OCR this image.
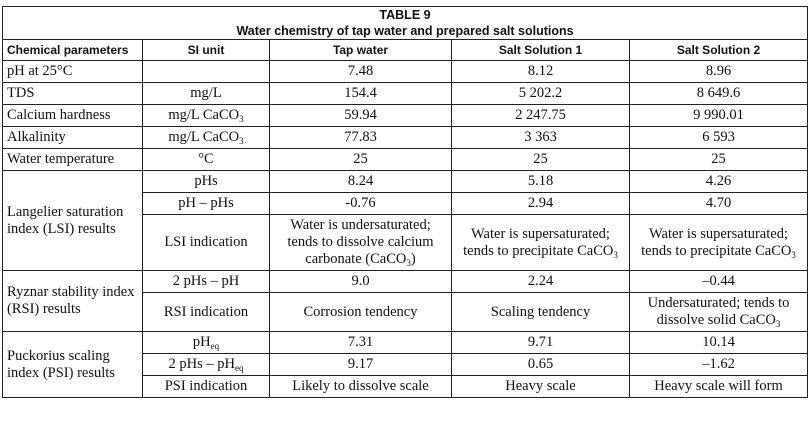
TABLE 9
Water chemistry of tap water and prepared salt solutions				

Chemical parameters	SI unit	Tap water	Salt Solution 1	Salt Solution 2
pH at 25°C		7.48	8.12	8.96
TDS	mg/L	154.4	5 202.2	8 649.6
Calcium hardness	mg/L CaCO$_3$	59.94	2 247.75	9 990.01
Alkalinity	mg/L CaCO$_3$	77.83	3 363	6 593
Water temperature	°C	25	25	25
Langelier saturation index (LSI) results	pHs	8.24	5.18	4.26
	pH – pHs	-0.76	2.94	4.70
	LSI indication	Water is undersaturated; tends to dissolve calcium carbonate (CaCO$_3$)	Water is supersaturated; tends to precipitate CaCO$_3$	Water is supersaturated; tends to precipitate CaCO$_3$
Ryznar stability index (RSI) results	2 pHs – pH	9.0	2.24	–0.44
	RSI indication	Corrosion tendency	Scaling tendency	Undersaturated; tends to dissolve solid CaCO$_3$
Puckorius scaling index (PSI) results	$pH_{eq}$	7.31	9.71	10.14
	2 pHs – $pH_{eq}$	9.17	0.65	–1.62
	PSI indication	Likely to dissolve scale	Heavy scale	Heavy scale will form
